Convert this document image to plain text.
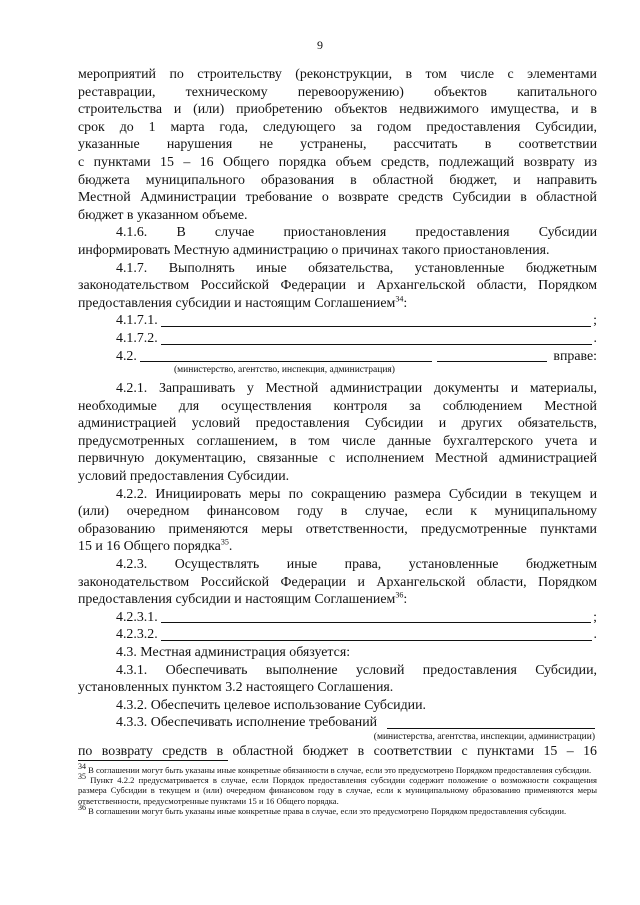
9
мероприятий по строительству (реконструкции, в том числе с элементами
реставрации, техническому перевооружению) объектов капитального
строительства и (или) приобретению объектов недвижимого имущества, и в
срок до 1 марта года, следующего за годом предоставления Субсидии,
указанные нарушения не устранены, рассчитать в соответствии
с пунктами 15 – 16 Общего порядка объем средств, подлежащий возврату из
бюджета муниципального образования в областной бюджет, и направить
Местной Администрации требование о возврате средств Субсидии в областной
бюджет в указанном объеме.
4.1.6. В случае приостановления предоставления Субсидии
информировать Местную администрацию о причинах такого приостановления.
4.1.7. Выполнять иные обязательства, установленные бюджетным
законодательством Российской Федерации и Архангельской области, Порядком
предоставления субсидии и настоящим Соглашением$^{34}$:
4.1.7.1.	;
4.1.7.2.	.
4.2.	вправе:
(министерство, агентство, инспекция, администрация)
4.2.1. Запрашивать у Местной администрации документы и материалы,
необходимые для осуществления контроля за соблюдением Местной
администрацией условий предоставления Субсидии и других обязательств,
предусмотренных соглашением, в том числе данные бухгалтерского учета и
первичную документацию, связанные с исполнением Местной администрацией
условий предоставления Субсидии.
4.2.2. Инициировать меры по сокращению размера Субсидии в текущем и
(или) очередном финансовом году в случае, если к муниципальному
образованию применяются меры ответственности, предусмотренные пунктами
15 и 16 Общего порядка$^{35}$.
4.2.3. Осуществлять иные права, установленные бюджетным
законодательством Российской Федерации и Архангельской области, Порядком
предоставления субсидии и настоящим Соглашением$^{36}$:
4.2.3.1.	;
4.2.3.2.	.
4.3. Местная администрация обязуется:
4.3.1. Обеспечивать выполнение условий предоставления Субсидии,
установленных пунктом 3.2 настоящего Соглашения.
4.3.2. Обеспечить целевое использование Субсидии.
4.3.3. Обеспечивать исполнение требований
(министерства, агентства, инспекции, администрации)
по возврату средств в областной бюджет в соответствии с пунктами 15 – 16

34 В соглашении могут быть указаны иные конкретные обязанности в случае, если это предусмотрено Порядком предоставления субсидии.

35 Пункт 4.2.2 предусматривается в случае, если Порядок предоставления субсидии содержит положение о возможности сокращения размера Субсидии в текущем и (или) очередном финансовом году в случае, если к муниципальному образованию применяются меры ответственности, предусмотренные пунктами 15 и 16 Общего порядка.

36 В соглашении могут быть указаны иные конкретные права в случае, если это предусмотрено Порядком предоставления субсидии.
